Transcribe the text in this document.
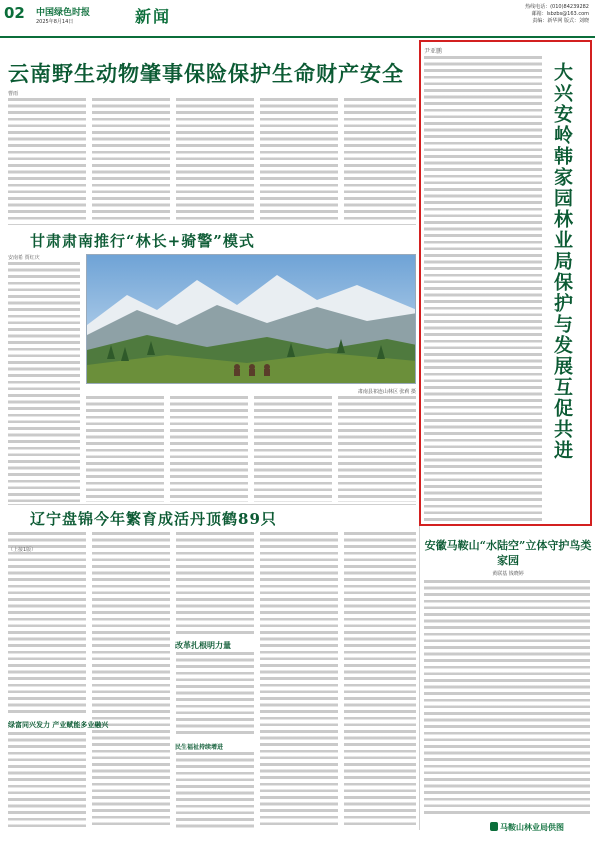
02 中国绿色时报
2025年8月14日	新闻	热线电话：(010)84239282
邮箱：lsbzbs@163.com
责编：新华网 版式：刘晓
云南野生动物肇事保险保护生命财产安全
曹雨
甘肃肃南推行“林长+骑警”模式
安南希 贾红庆
肃南县祁连山林区 张莉 摄
辽宁盘锦今年繁育成活丹顶鹤89只
（上接1版）
改革扎根明力量
民生福祉持续增进
绿富同兴发力 产业赋能多业融兴
尹亚鹏
大兴安岭韩家园林业局保护与发展互促共进
安徽马鞍山“水陆空”立体守护鸟类家园
黄联基 钱晓婷
马鞍山林业局供图
